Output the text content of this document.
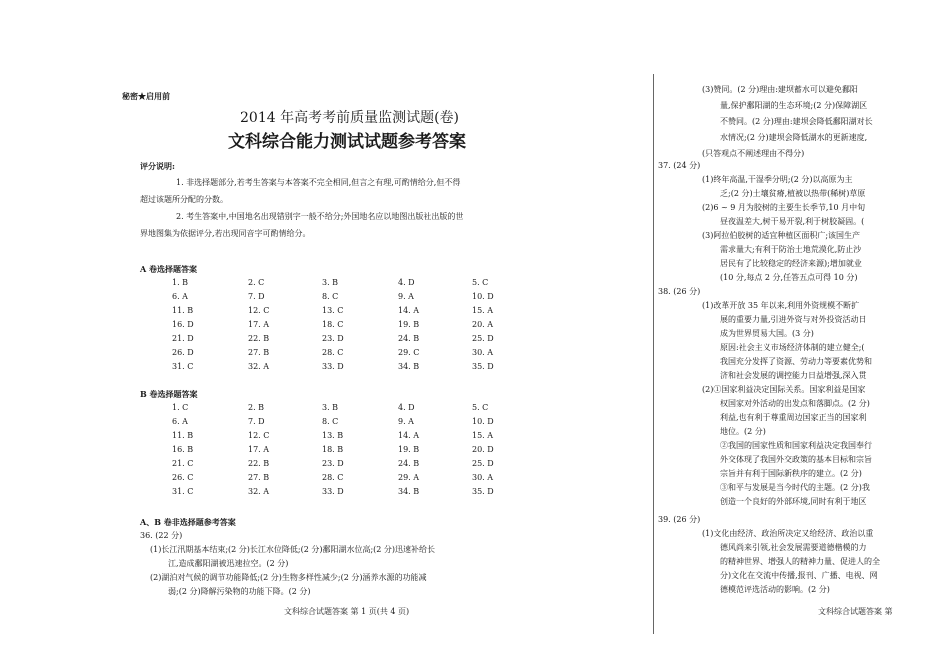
秘密★启用前
2014 年高考考前质量监测试题(卷)
文科综合能力测试试题参考答案
评分说明:
1. 非选择题部分,若考生答案与本答案不完全相同,但言之有理,可酌情给分,但不得
超过该题所分配的分数。
2. 考生答案中,中国地名出现错别字一般不给分;外国地名应以地图出版社出版的世
界地图集为依据评分,若出现同音字可酌情给分。
A 卷选择题答案
1. B	2. C	3. B	4. D	5. C
6. A	7. D	8. C	9. A	10. D
11. B	12. C	13. C	14. A	15. A
16. D	17. A	18. C	19. B	20. A
21. D	22. B	23. D	24. B	25. D
26. D	27. B	28. C	29. C	30. A
31. C	32. A	33. D	34. B	35. D
B 卷选择题答案
1. C	2. B	3. B	4. D	5. C
6. A	7. D	8. C	9. A	10. D
11. B	12. C	13. B	14. A	15. A
16. B	17. A	18. B	19. B	20. D
21. C	22. B	23. D	24. B	25. D
26. C	27. B	28. C	29. A	30. A
31. C	32. A	33. D	34. B	35. D
A、B 卷非选择题参考答案
36. (22 分)
(1)长江汛期基本结束;(2 分)长江水位降低;(2 分)鄱阳湖水位高;(2 分)迅速补给长
江,造成鄱阳湖被迅速拉空。(2 分)
(2)湖泊对气候的调节功能降低;(2 分)生物多样性减少;(2 分)涵养水源的功能减
弱;(2 分)降解污染物的功能下降。(2 分)
文科综合试题答案 第 1 页(共 4 页)
(3)赞同。(2 分)理由:建坝蓄水可以避免鄱阳
量,保护鄱阳湖的生态环境;(2 分)保障湖区
不赞同。(2 分)理由:建坝会降低鄱阳湖对长
水情况;(2 分)建坝会降低湖水的更新速度,
(只答观点不阐述理由不得分)
37. (24 分)
(1)终年高温,干湿季分明;(2 分)以高原为主
乏;(2 分)土壤贫瘠,植被以热带(稀树)草原
(2)6 ~ 9 月为胶树的主要生长季节,10 月中旬
昼夜温差大,树干易开裂,利于树胶凝固。(
(3)阿拉伯胶树的适宜种植区面积广;该国生产
需求量大;有利于防治土地荒漠化,防止沙
居民有了比较稳定的经济来源);增加就业
(10 分,每点 2 分,任答五点可得 10 分)
38. (26 分)
(1)改革开放 35 年以来,利用外资规模不断扩
展的重要力量,引进外资与对外投资活动日
成为世界贸易大国。(3 分)
原因:社会主义市场经济体制的建立健全;(
我国充分发挥了资源、劳动力等要素优势和
济和社会发展的调控能力日益增强,深入贯
(2)①国家利益决定国际关系。国家利益是国家
权国家对外活动的出发点和落脚点。(2 分)
利益,也有利于尊重周边国家正当的国家利
地位。(2 分)
②我国的国家性质和国家利益决定我国奉行
外交体现了我国外交政策的基本目标和宗旨
宗旨并有利于国际新秩序的建立。(2 分)
③和平与发展是当今时代的主题。(2 分)我
创造一个良好的外部环境,同时有利于地区
39. (26 分)
(1)文化由经济、政治所决定又给经济、政治以重
德风尚来引领,社会发展需要道德楷模的力
的精神世界、增强人的精神力量、促进人的全
分)文化在交流中传播,报刊、广播、电视、网
德模范评选活动的影响。(2 分)
文科综合试题答案 第
